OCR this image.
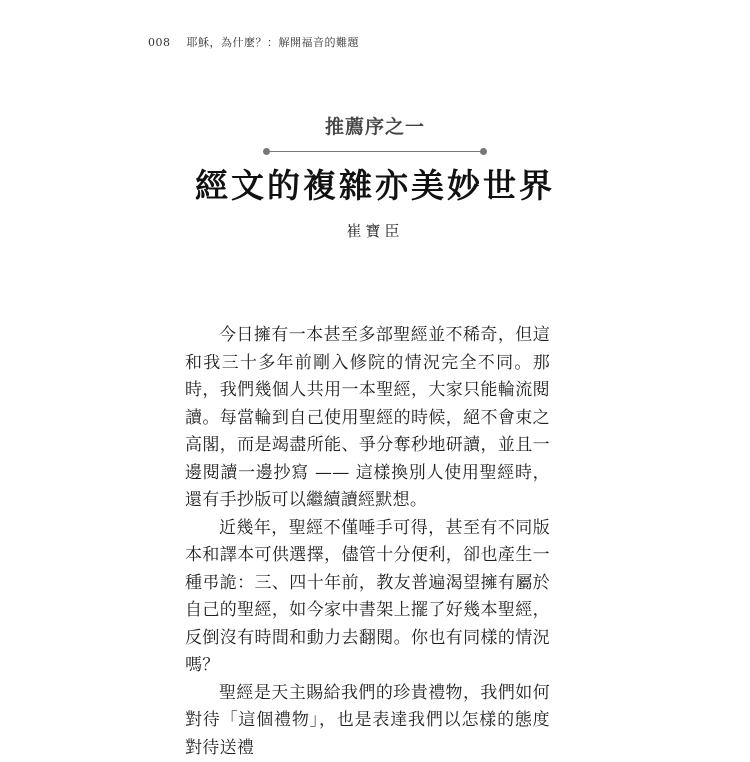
008 耶穌，為什麼？：解開福音的難題
推薦序之一
經文的複雜亦美妙世界
崔寶臣

今日擁有一本甚至多部聖經並不稀奇，但這和我三十多年前剛入修院的情況完全不同。那時，我們幾個人共用一本聖經，大家只能輪流閱讀。每當輪到自己使用聖經的時候，絕不會束之高閣，而是竭盡所能、爭分奪秒地研讀，並且一邊閱讀一邊抄寫 —— 這樣換別人使用聖經時，還有手抄版可以繼續讀經默想。

近幾年，聖經不僅唾手可得，甚至有不同版本和譯本可供選擇，儘管十分便利，卻也產生一種弔詭：三、四十年前，教友普遍渴望擁有屬於自己的聖經，如今家中書架上擺了好幾本聖經，反倒沒有時間和動力去翻閱。你也有同樣的情況嗎？

聖經是天主賜給我們的珍貴禮物，我們如何對待「這個禮物」，也是表達我們以怎樣的態度對待送禮
